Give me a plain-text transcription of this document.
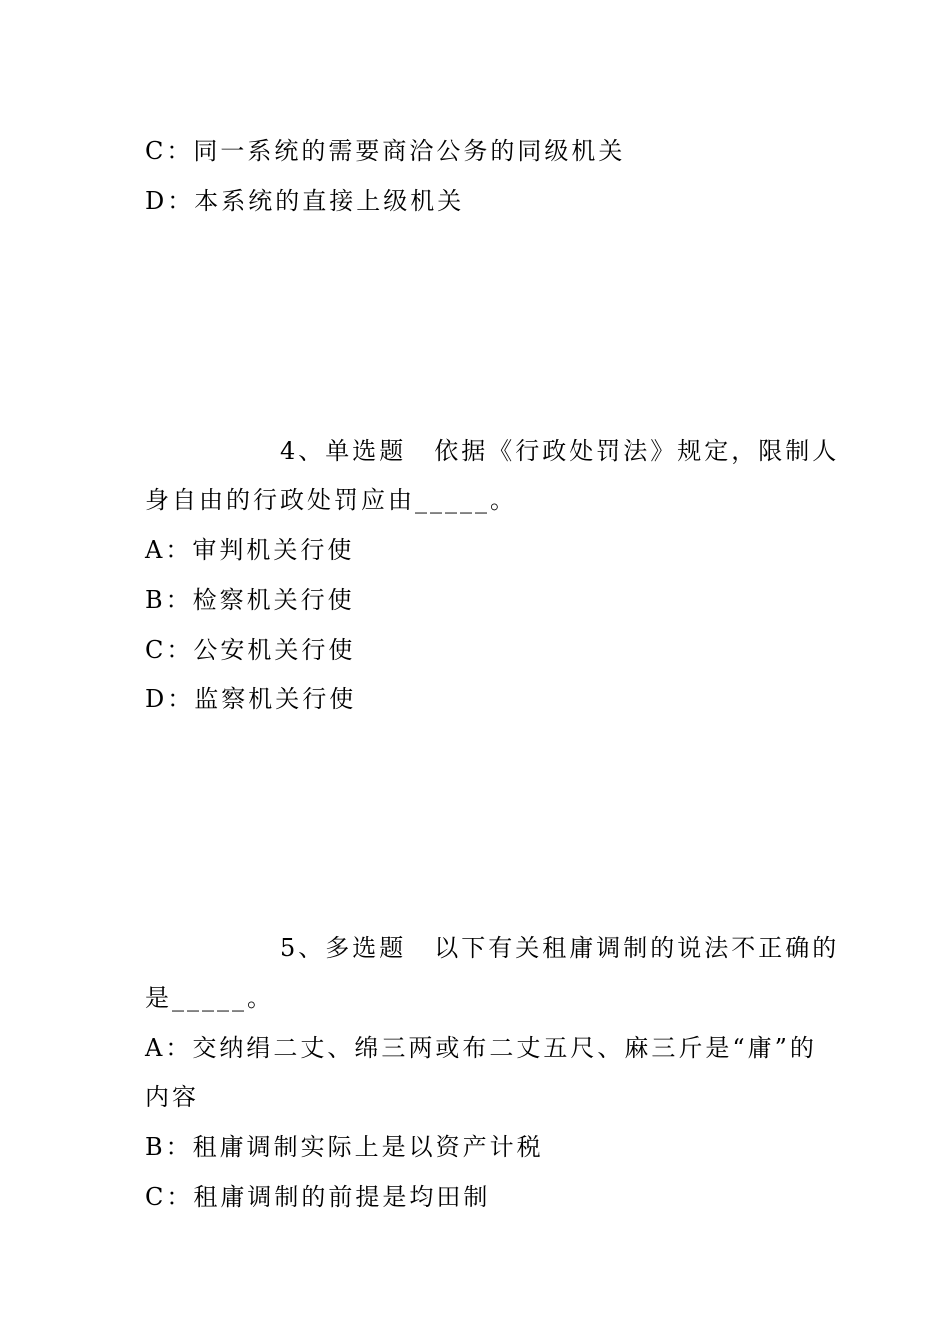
C：同一系统的需要商洽公务的同级机关
D：本系统的直接上级机关
4、单选题 依据《行政处罚法》规定，限制人
身自由的行政处罚应由_____。
A：审判机关行使
B：检察机关行使
C：公安机关行使
D：监察机关行使
5、多选题 以下有关租庸调制的说法不正确的
是_____。
A：交纳绢二丈、绵三两或布二丈五尺、麻三斤是“庸”的
内容
B：租庸调制实际上是以资产计税
C：租庸调制的前提是均田制
